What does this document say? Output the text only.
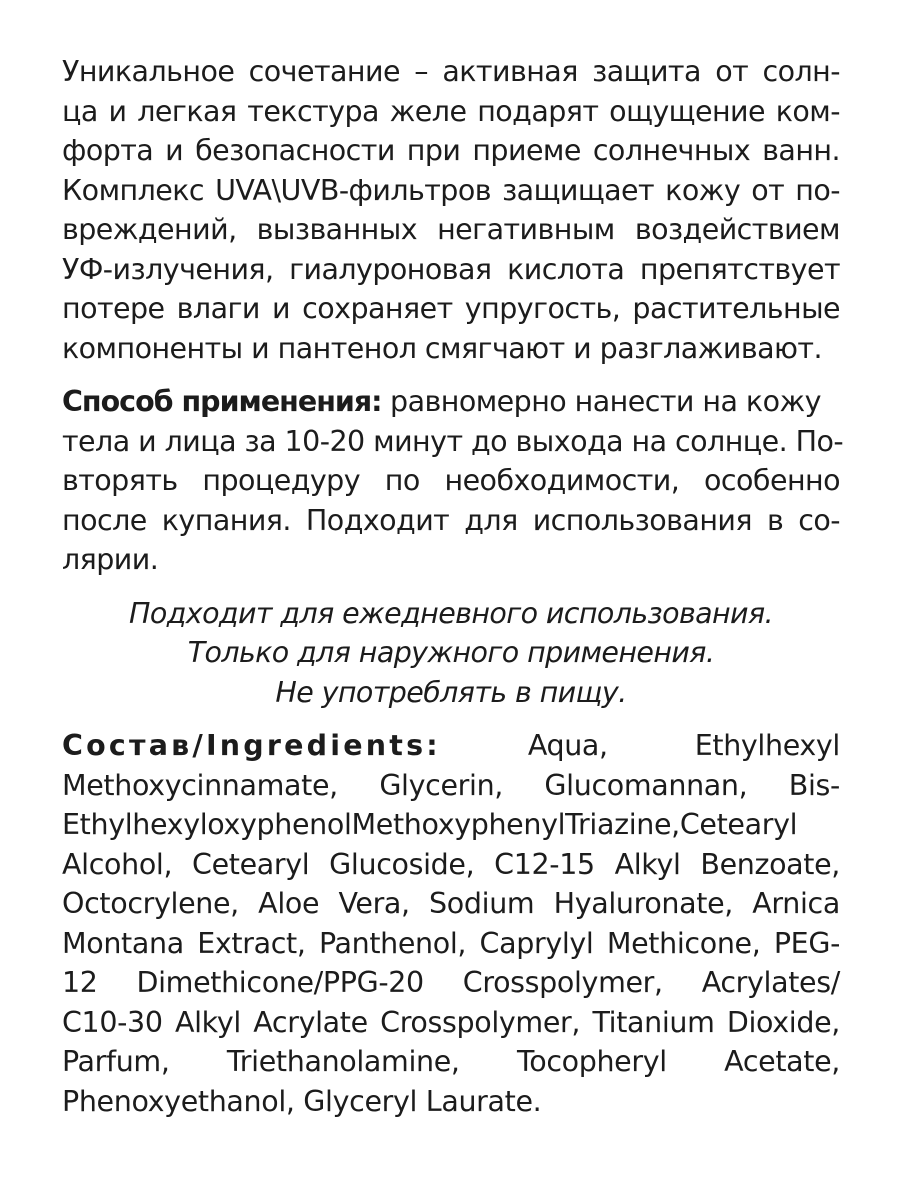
Уникальное сочетание – активная защита от солн-
ца и легкая текстура желе подарят ощущение ком-
форта и безопасности при приеме солнечных ванн.
Комплекс UVA\UVB-фильтров защищает кожу от по-
вреждений, вызванных негативным воздействием
УФ-излучения, гиалуроновая кислота препятствует
потере влаги и сохраняет упругость, растительные
компоненты и пантенол смягчают и разглаживают.
Способ применения: равномерно нанести на кожу
тела и лица за 10-20 минут до выхода на солнце. По-
вторять процедуру по необходимости, особенно
после купания. Подходит для использования в со-
лярии.
Подходит для ежедневного использования.
Только для наружного применения.
Не употреблять в пищу.
Состав/Ingredients: Aqua, Ethylhexyl
Methoxycinnamate, Glycerin, Glucomannan, Bis-
EthylhexyloxyphenolMethoxyphenylTriazine,Cetearyl
Alcohol, Cetearyl Glucoside, C12-15 Alkyl Benzoate,
Octocrylene, Aloe Vera, Sodium Hyaluronate, Arnica
Montana Extract, Panthenol, Caprylyl Methicone, PEG-
12 Dimethicone/PPG-20 Crosspolymer, Acrylates/
C10-30 Alkyl Acrylate Crosspolymer, Titanium Dioxide,
Parfum, Triethanolamine, Tocopheryl Acetate,
Phenoxyethanol, Glyceryl Laurate.
